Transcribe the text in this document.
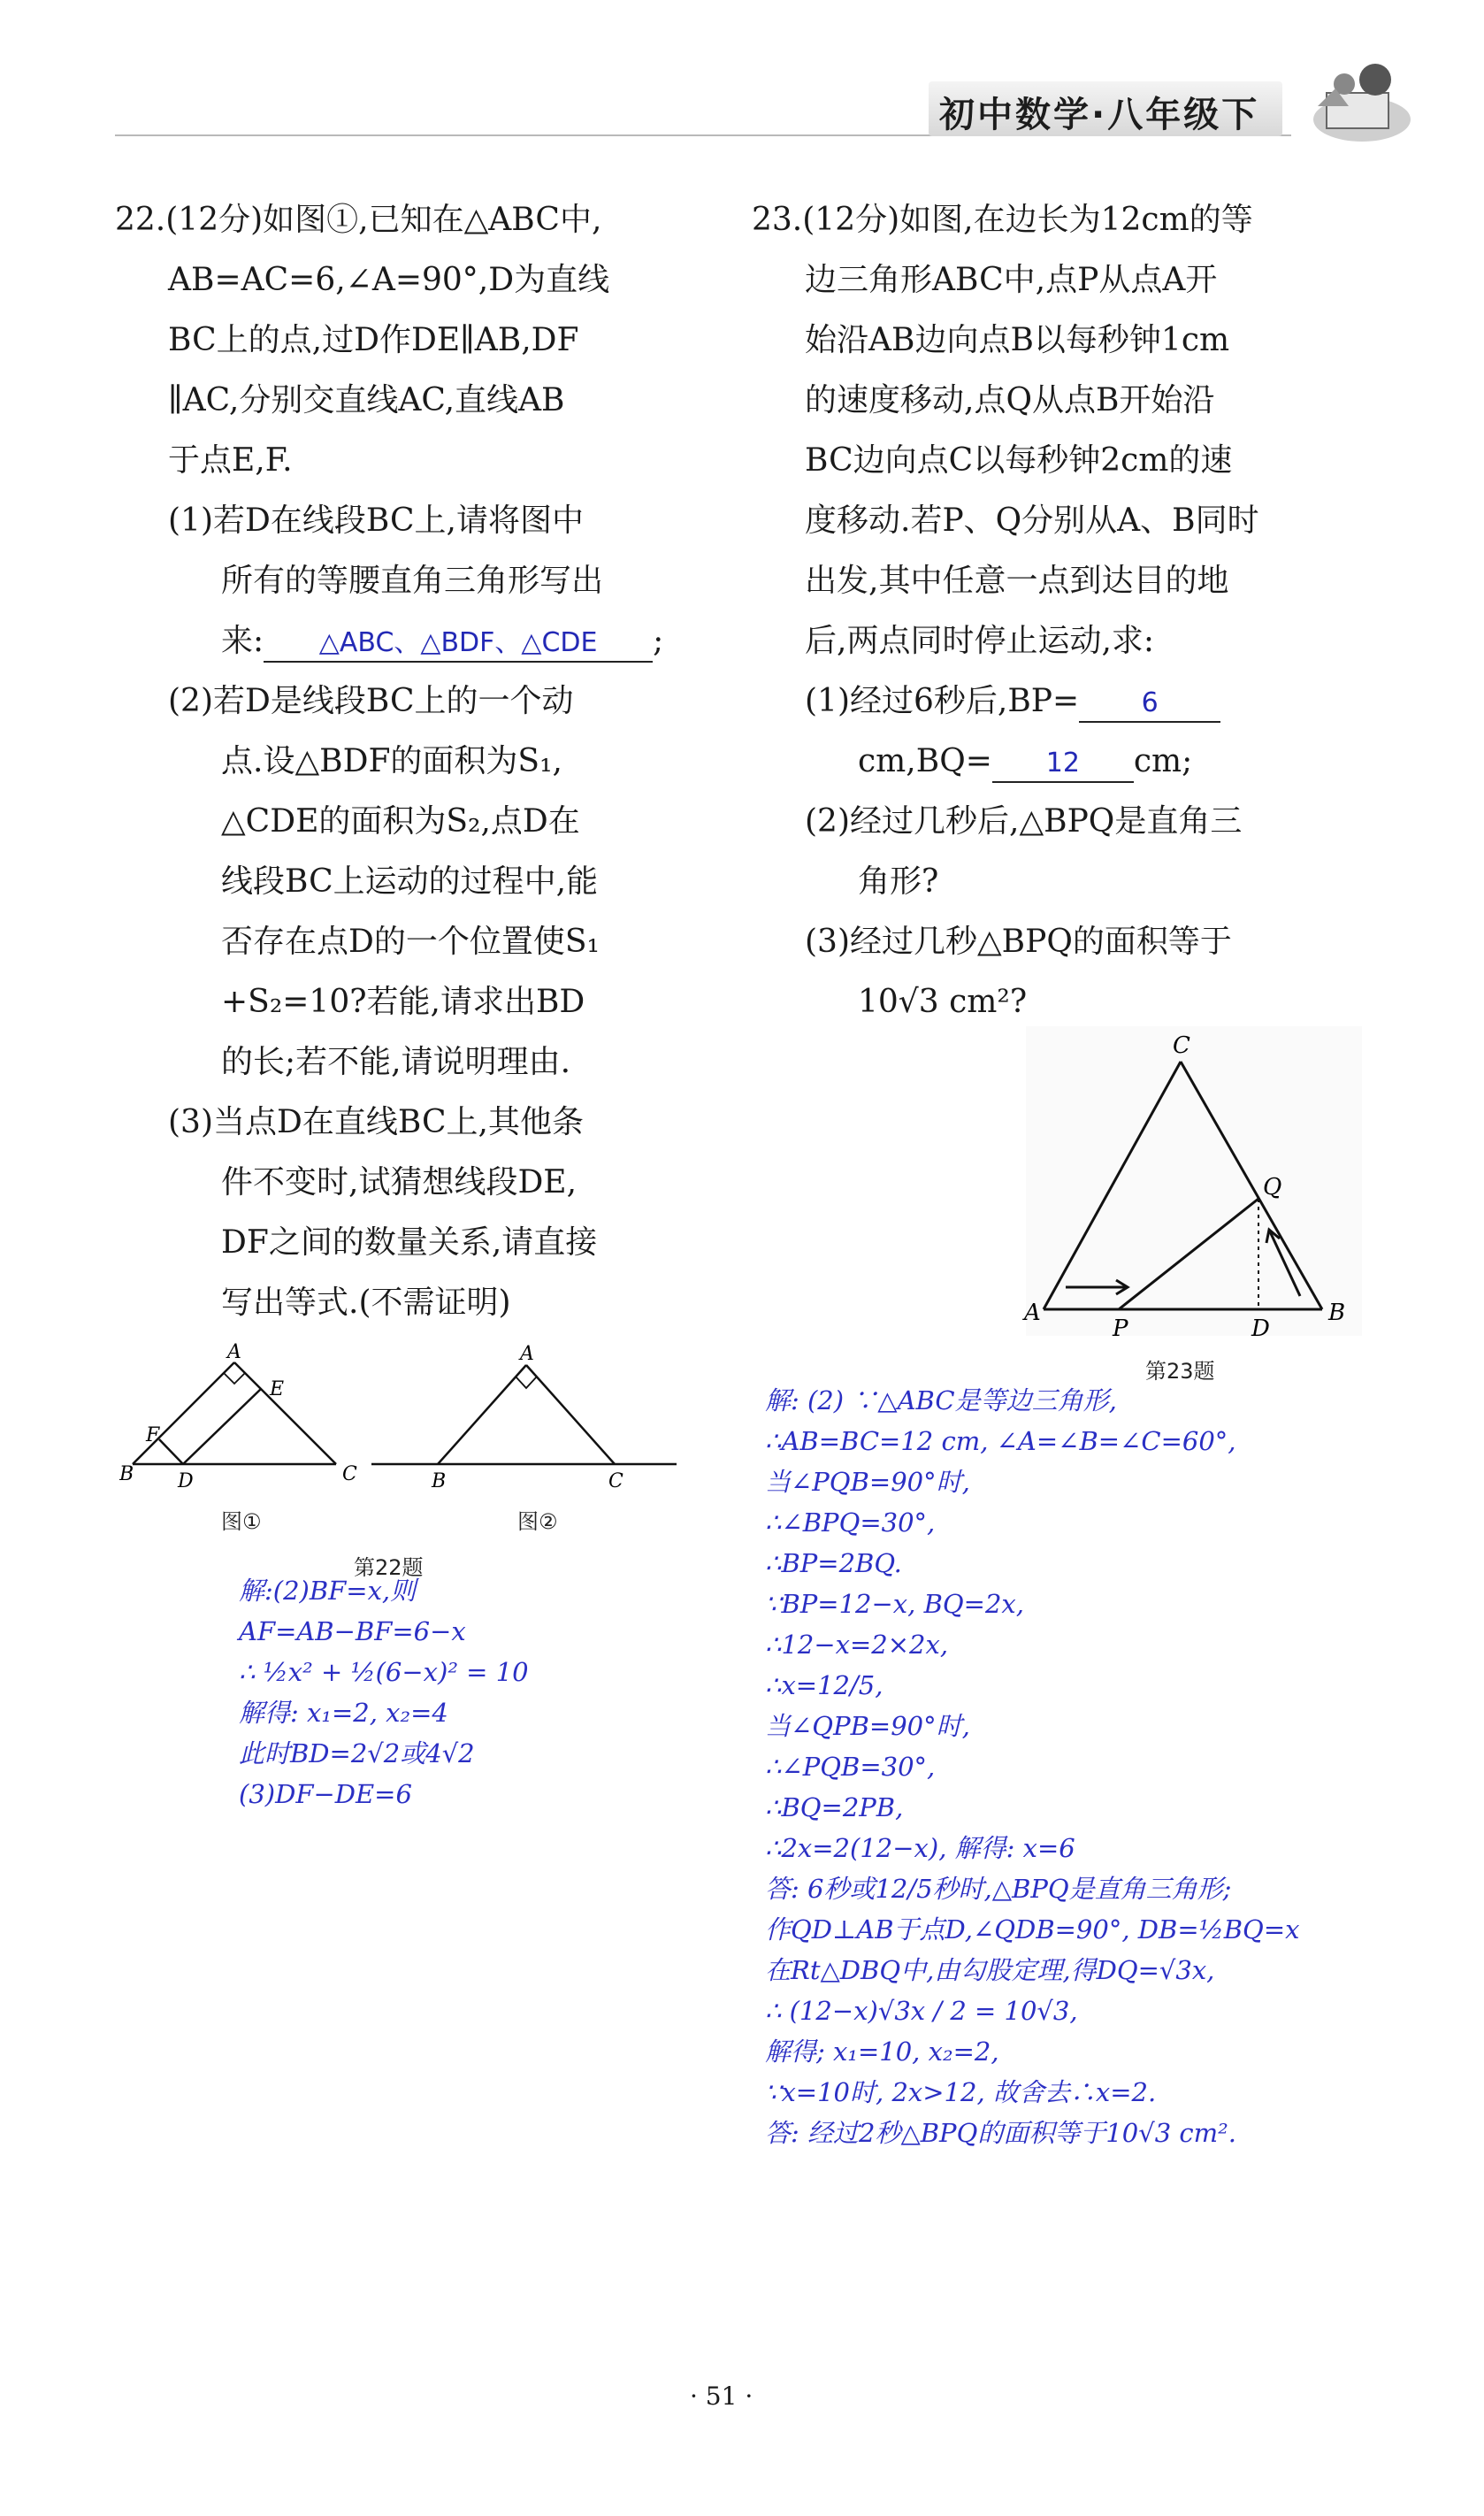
初中数学·八年级下

22.(12分)如图①,已知在△ABC中,

AB=AC=6,∠A=90°,D为直线

BC上的点,过D作DE∥AB,DF

∥AC,分别交直线AC,直线AB

于点E,F.

(1)若D在线段BC上,请将图中

所有的等腰直角三角形写出

来: △ABC、△BDF、△CDE ;

(2)若D是线段BC上的一个动

点.设△BDF的面积为S₁,

△CDE的面积为S₂,点D在

线段BC上运动的过程中,能

否存在点D的一个位置使S₁

+S₂=10?若能,请求出BD

的长;若不能,请说明理由.

(3)当点D在直线BC上,其他条

件不变时,试猜想线段DE,

DF之间的数量关系,请直接

写出等式.(不需证明)

A
E
F
B D	C
图①
A
B	C
图②
第22题

解:(2)BF=x,则

AF=AB−BF=6−x

∴ ½x² + ½(6−x)² = 10

解得: x₁=2, x₂=4

此时BD=2√2或4√2

(3)DF−DE=6

23.(12分)如图,在边长为12cm的等

边三角形ABC中,点P从点A开

始沿AB边向点B以每秒钟1cm

的速度移动,点Q从点B开始沿

BC边向点C以每秒钟2cm的速

度移动.若P、Q分别从A、B同时

出发,其中任意一点到达目的地

后,两点同时停止运动,求:

(1)经过6秒后,BP= 6

cm,BQ= 12 cm;

(2)经过几秒后,△BPQ是直角三

角形?

(3)经过几秒△BPQ的面积等于

10√3 cm²?

C
Q
A
P	D
B
第23题

解: (2) ∵△ABC是等边三角形,

∴AB=BC=12 cm, ∠A=∠B=∠C=60°,

当∠PQB=90°时,

∴∠BPQ=30°,

∴BP=2BQ.

∵BP=12−x, BQ=2x,

∴12−x=2×2x,

∴x=12/5,

当∠QPB=90°时,

∴∠PQB=30°,

∴BQ=2PB,

∴2x=2(12−x), 解得: x=6

答: 6秒或12/5秒时,△BPQ是直角三角形;

作QD⊥AB于点D,∠QDB=90°, DB=½BQ=x

在Rt△DBQ中,由勾股定理,得DQ=√3x,

∴ (12−x)√3x / 2 = 10√3,

解得; x₁=10, x₂=2,

∵x=10时, 2x>12, 故舍去∴x=2.

答: 经过2秒△BPQ的面积等于10√3 cm².

· 51 ·
